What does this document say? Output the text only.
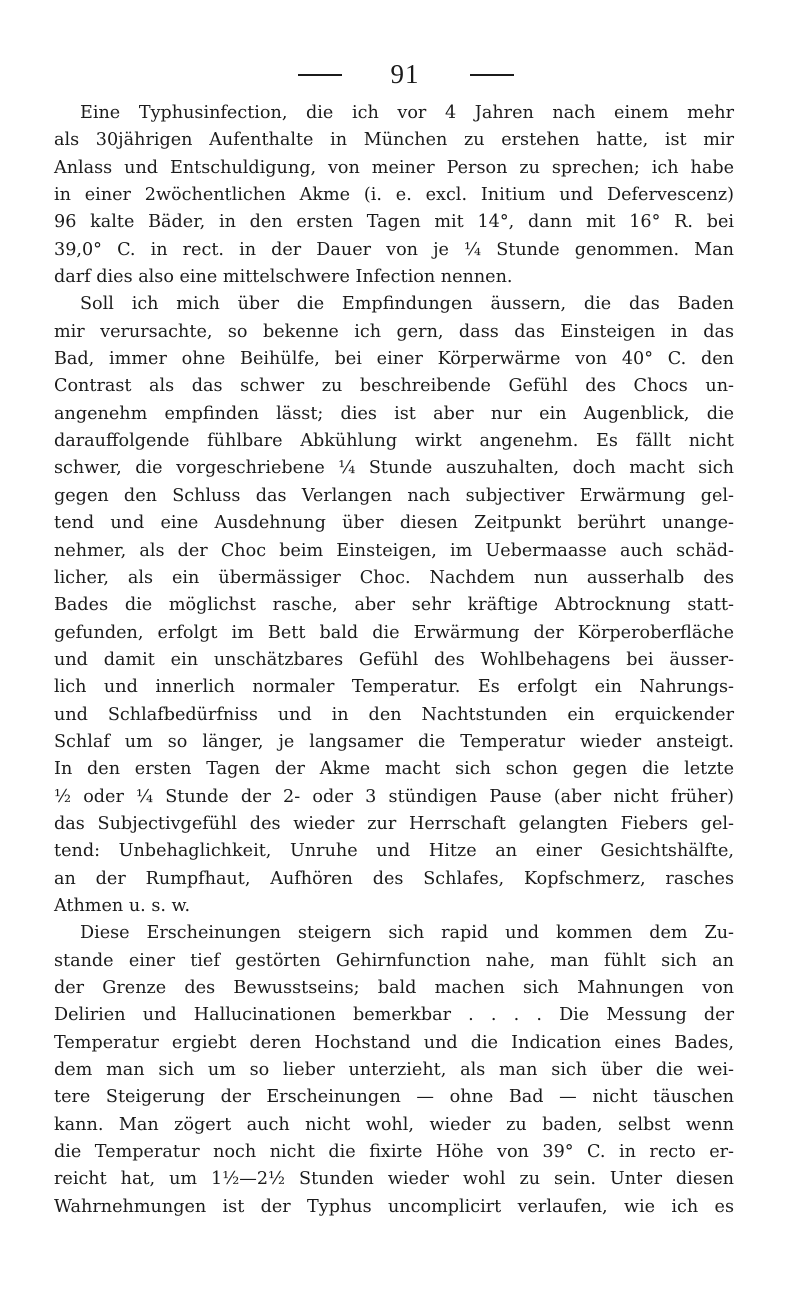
91
Eine Typhusinfection, die ich vor 4 Jahren nach einem mehr
als 30jährigen Aufenthalte in München zu erstehen hatte, ist mir
Anlass und Entschuldigung, von meiner Person zu sprechen; ich habe
in einer 2wöchentlichen Akme (i. e. excl. Initium und Defervescenz)
96 kalte Bäder, in den ersten Tagen mit 14°, dann mit 16° R. bei
39,0° C. in rect. in der Dauer von je ¼ Stunde genommen. Man
darf dies also eine mittelschwere Infection nennen.
Soll ich mich über die Empfindungen äussern, die das Baden
mir verursachte, so bekenne ich gern, dass das Einsteigen in das
Bad, immer ohne Beihülfe, bei einer Körperwärme von 40° C. den
Contrast als das schwer zu beschreibende Gefühl des Chocs un-
angenehm empfinden lässt; dies ist aber nur ein Augenblick, die
darauffolgende fühlbare Abkühlung wirkt angenehm. Es fällt nicht
schwer, die vorgeschriebene ¼ Stunde auszuhalten, doch macht sich
gegen den Schluss das Verlangen nach subjectiver Erwärmung gel-
tend und eine Ausdehnung über diesen Zeitpunkt berührt unange-
nehmer, als der Choc beim Einsteigen, im Uebermaasse auch schäd-
licher, als ein übermässiger Choc. Nachdem nun ausserhalb des
Bades die möglichst rasche, aber sehr kräftige Abtrocknung statt-
gefunden, erfolgt im Bett bald die Erwärmung der Körperoberfläche
und damit ein unschätzbares Gefühl des Wohlbehagens bei äusser-
lich und innerlich normaler Temperatur. Es erfolgt ein Nahrungs-
und Schlafbedürfniss und in den Nachtstunden ein erquickender
Schlaf um so länger, je langsamer die Temperatur wieder ansteigt.
In den ersten Tagen der Akme macht sich schon gegen die letzte
½ oder ¼ Stunde der 2- oder 3 stündigen Pause (aber nicht früher)
das Subjectivgefühl des wieder zur Herrschaft gelangten Fiebers gel-
tend: Unbehaglichkeit, Unruhe und Hitze an einer Gesichtshälfte,
an der Rumpfhaut, Aufhören des Schlafes, Kopfschmerz, rasches
Athmen u. s. w.
Diese Erscheinungen steigern sich rapid und kommen dem Zu-
stande einer tief gestörten Gehirnfunction nahe, man fühlt sich an
der Grenze des Bewusstseins; bald machen sich Mahnungen von
Delirien und Hallucinationen bemerkbar . . . . Die Messung der
Temperatur ergiebt deren Hochstand und die Indication eines Bades,
dem man sich um so lieber unterzieht, als man sich über die wei-
tere Steigerung der Erscheinungen — ohne Bad — nicht täuschen
kann. Man zögert auch nicht wohl, wieder zu baden, selbst wenn
die Temperatur noch nicht die fixirte Höhe von 39° C. in recto er-
reicht hat, um 1½—2½ Stunden wieder wohl zu sein. Unter diesen
Wahrnehmungen ist der Typhus uncomplicirt verlaufen, wie ich es
